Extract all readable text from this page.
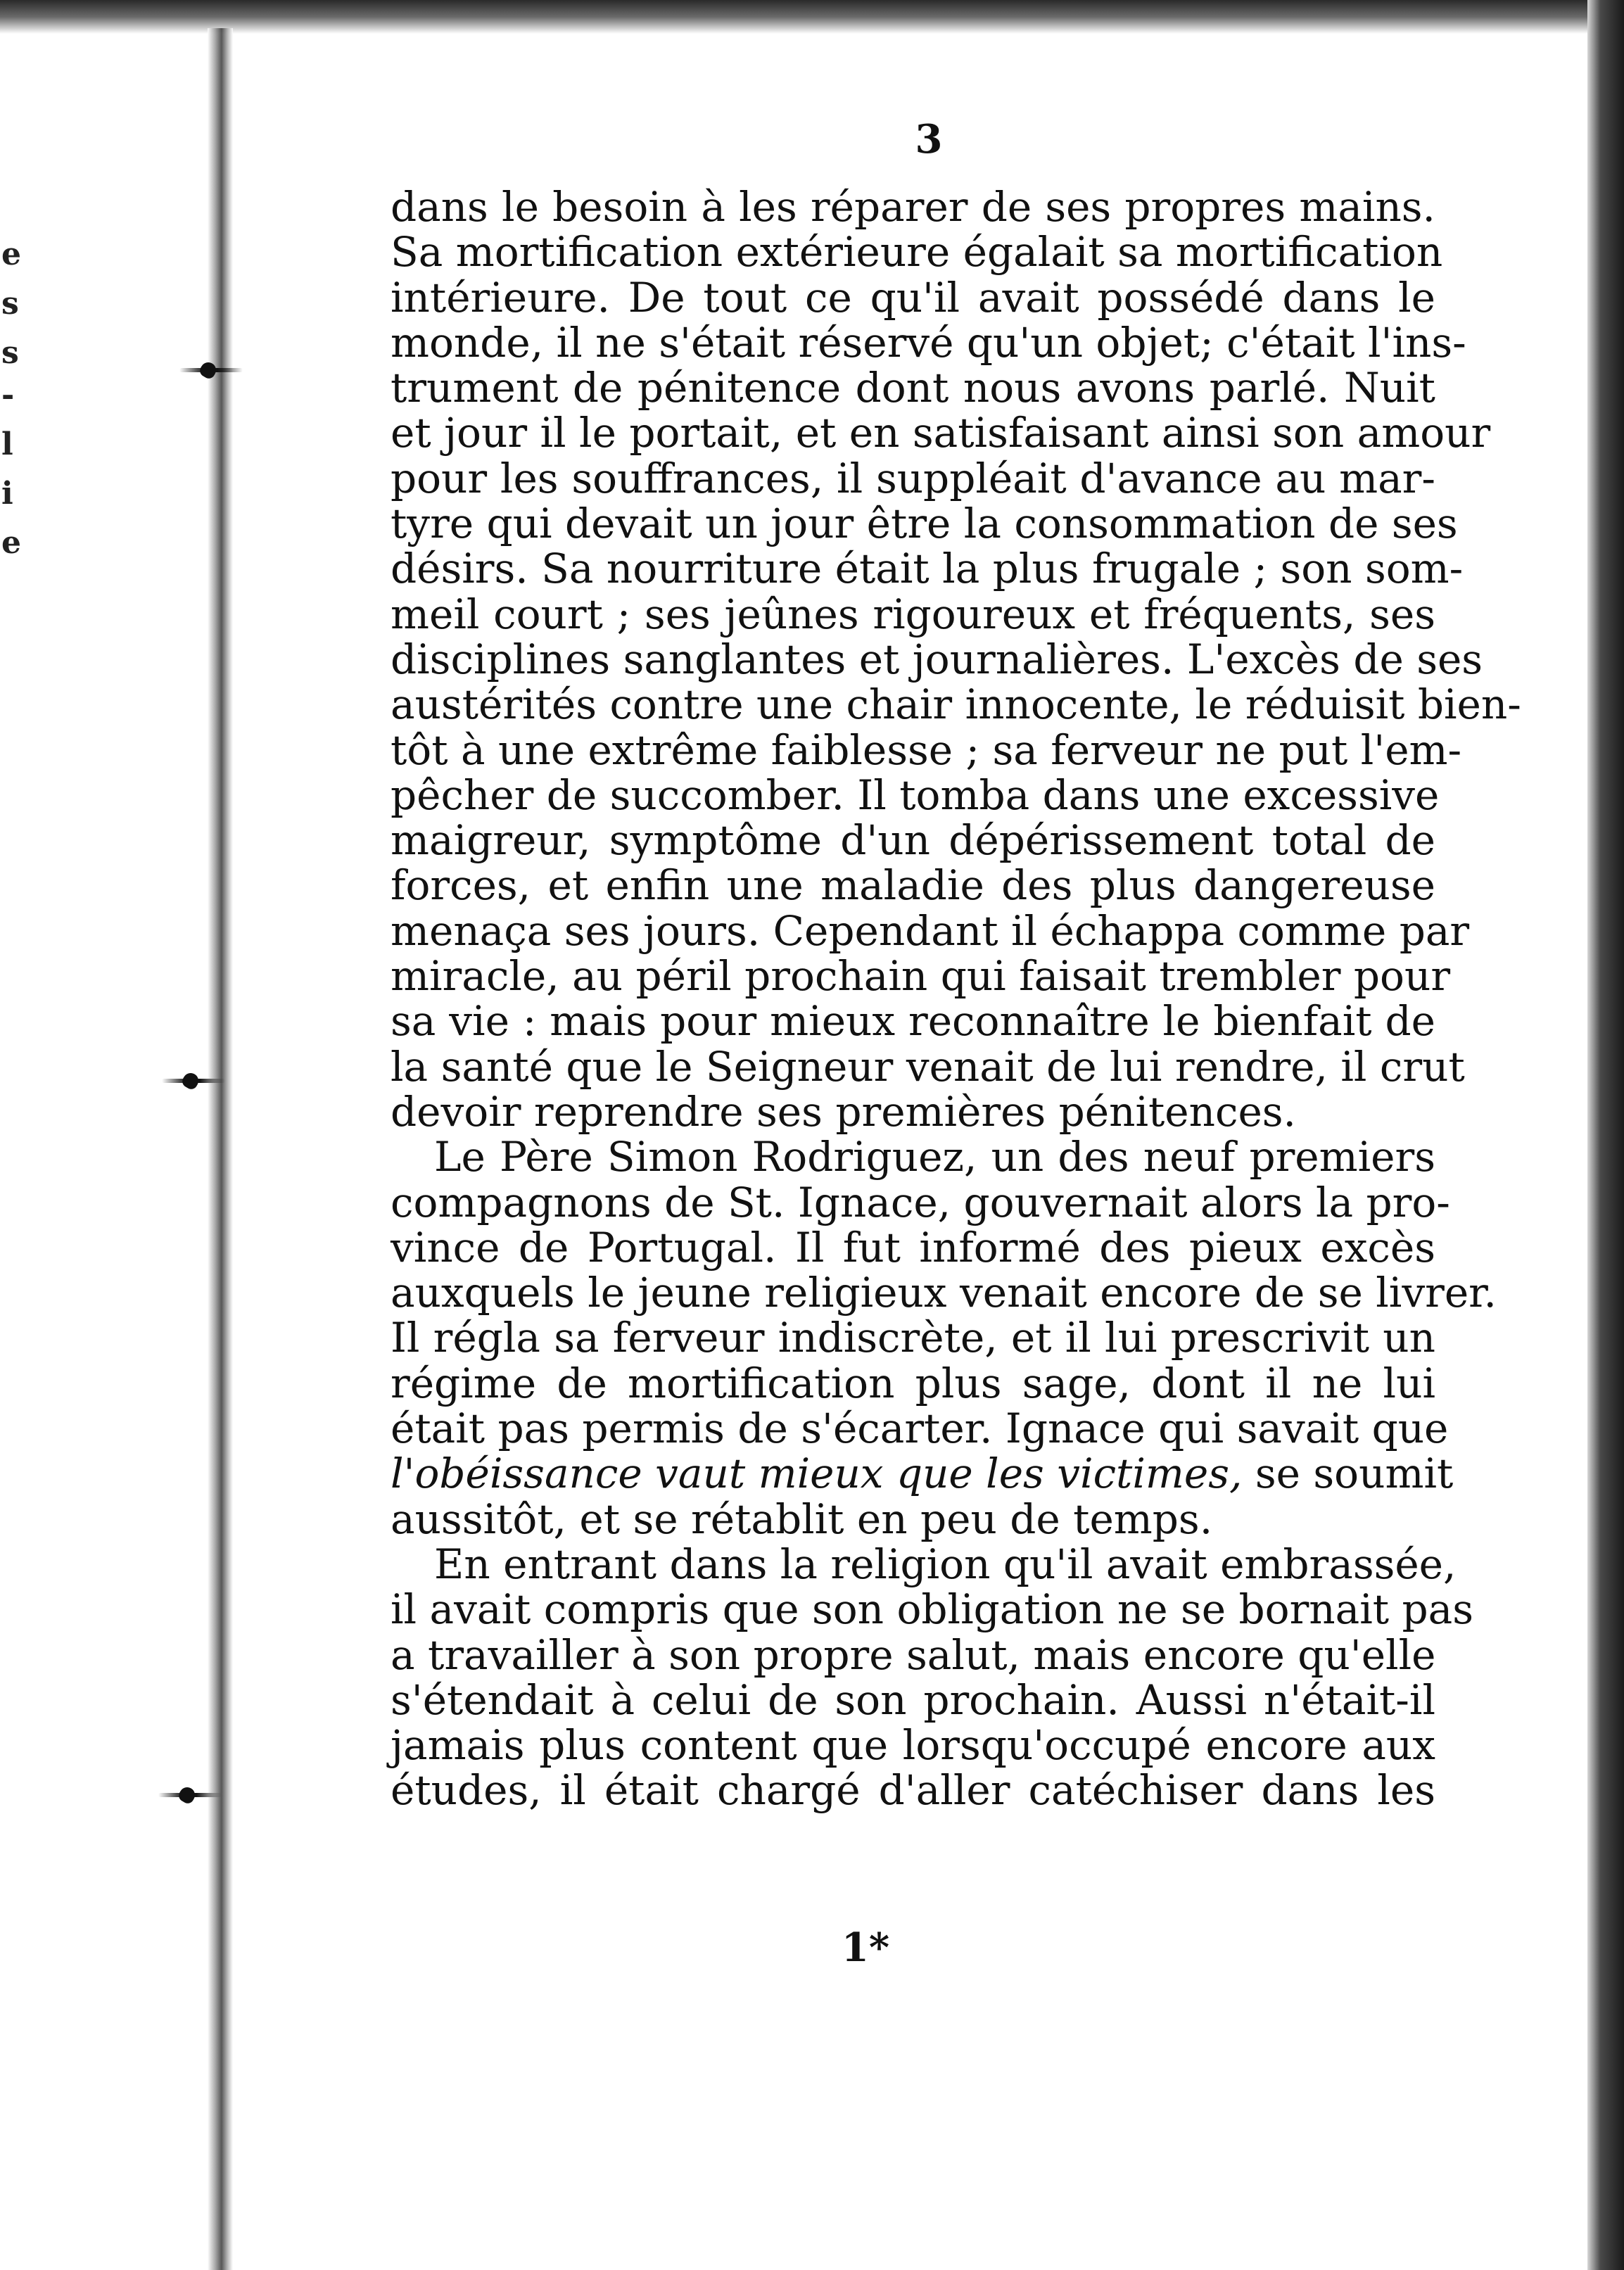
e
s
s
-
l
i
e
3
dans le besoin à les réparer de ses propres mains.
Sa mortification extérieure égalait sa mortification
intérieure. De tout ce qu'il avait possédé dans le
monde, il ne s'était réservé qu'un objet; c'était l'ins-
trument de pénitence dont nous avons parlé. Nuit
et jour il le portait, et en satisfaisant ainsi son amour
pour les souffrances, il suppléait d'avance au mar-
tyre qui devait un jour être la consommation de ses
désirs. Sa nourriture était la plus frugale ; son som-
meil court ; ses jeûnes rigoureux et fréquents, ses
disciplines sanglantes et journalières. L'excès de ses
austérités contre une chair innocente, le réduisit bien-
tôt à une extrême faiblesse ; sa ferveur ne put l'em-
pêcher de succomber. Il tomba dans une excessive
maigreur, symptôme d'un dépérissement total de
forces, et enfin une maladie des plus dangereuse
menaça ses jours. Cependant il échappa comme par
miracle, au péril prochain qui faisait trembler pour
sa vie : mais pour mieux reconnaître le bienfait de
la santé que le Seigneur venait de lui rendre, il crut
devoir reprendre ses premières pénitences.
Le Père Simon Rodriguez, un des neuf premiers
compagnons de St. Ignace, gouvernait alors la pro-
vince de Portugal. Il fut informé des pieux excès
auxquels le jeune religieux venait encore de se livrer.
Il régla sa ferveur indiscrète, et il lui prescrivit un
régime de mortification plus sage, dont il ne lui
était pas permis de s'écarter. Ignace qui savait que
l'obéissance vaut mieux que les victimes, se soumit
aussitôt, et se rétablit en peu de temps.
En entrant dans la religion qu'il avait embrassée,
il avait compris que son obligation ne se bornait pas
a travailler à son propre salut, mais encore qu'elle
s'étendait à celui de son prochain. Aussi n'était-il
jamais plus content que lorsqu'occupé encore aux
études, il était chargé d'aller catéchiser dans les
1*
